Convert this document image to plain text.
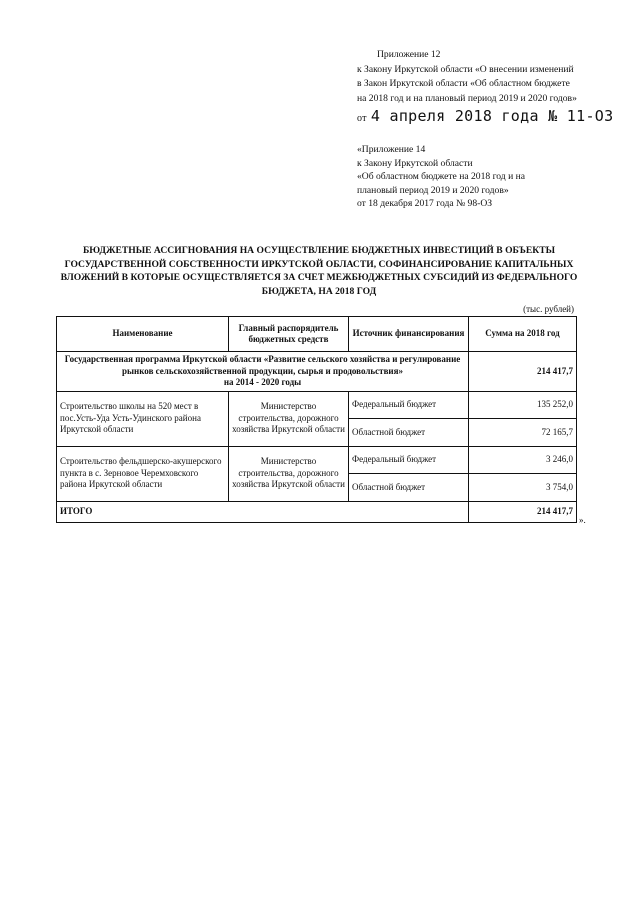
Приложение 12
к Закону Иркутской области «О внесении изменений
в Закон Иркутской области «Об областном бюджете
на 2018 год и на плановый период 2019 и 2020 годов»
от 4 апреля 2018 года № 11-ОЗ
«Приложение 14
к Закону Иркутской области
«Об областном бюджете на 2018 год и на
плановый период 2019 и 2020 годов»
от 18 декабря 2017 года № 98-ОЗ
БЮДЖЕТНЫЕ АССИГНОВАНИЯ НА ОСУЩЕСТВЛЕНИЕ БЮДЖЕТНЫХ ИНВЕСТИЦИЙ В ОБЪЕКТЫ
ГОСУДАРСТВЕННОЙ СОБСТВЕННОСТИ ИРКУТСКОЙ ОБЛАСТИ, СОФИНАНСИРОВАНИЕ КАПИТАЛЬНЫХ
ВЛОЖЕНИЙ В КОТОРЫЕ ОСУЩЕСТВЛЯЕТСЯ ЗА СЧЕТ МЕЖБЮДЖЕТНЫХ СУБСИДИЙ ИЗ ФЕДЕРАЛЬНОГО
БЮДЖЕТА, НА 2018 ГОД
(тыс. рублей)
Наименование	Главный распорядитель бюджетных средств	Источник финансирования	Сумма на 2018 год

Государственная программа Иркутской области «Развитие сельского хозяйства и регулирование
рынков сельскохозяйственной продукции, сырья и продовольствия»
на 2014 - 2020 годы			214 417,7
Строительство школы на 520 мест в пос.Усть-Уда Усть-Удинского района Иркутской области	Министерство строительства, дорожного хозяйства Иркутской области	Федеральный бюджет	135 252,0
		Областной бюджет	72 165,7
Строительство фельдшерско-акушерского пункта в с. Зерновое Черемховского района Иркутской области	Министерство строительства, дорожного хозяйства Иркутской области	Федеральный бюджет	3 246,0
		Областной бюджет	3 754,0
ИТОГО			214 417,7
».
